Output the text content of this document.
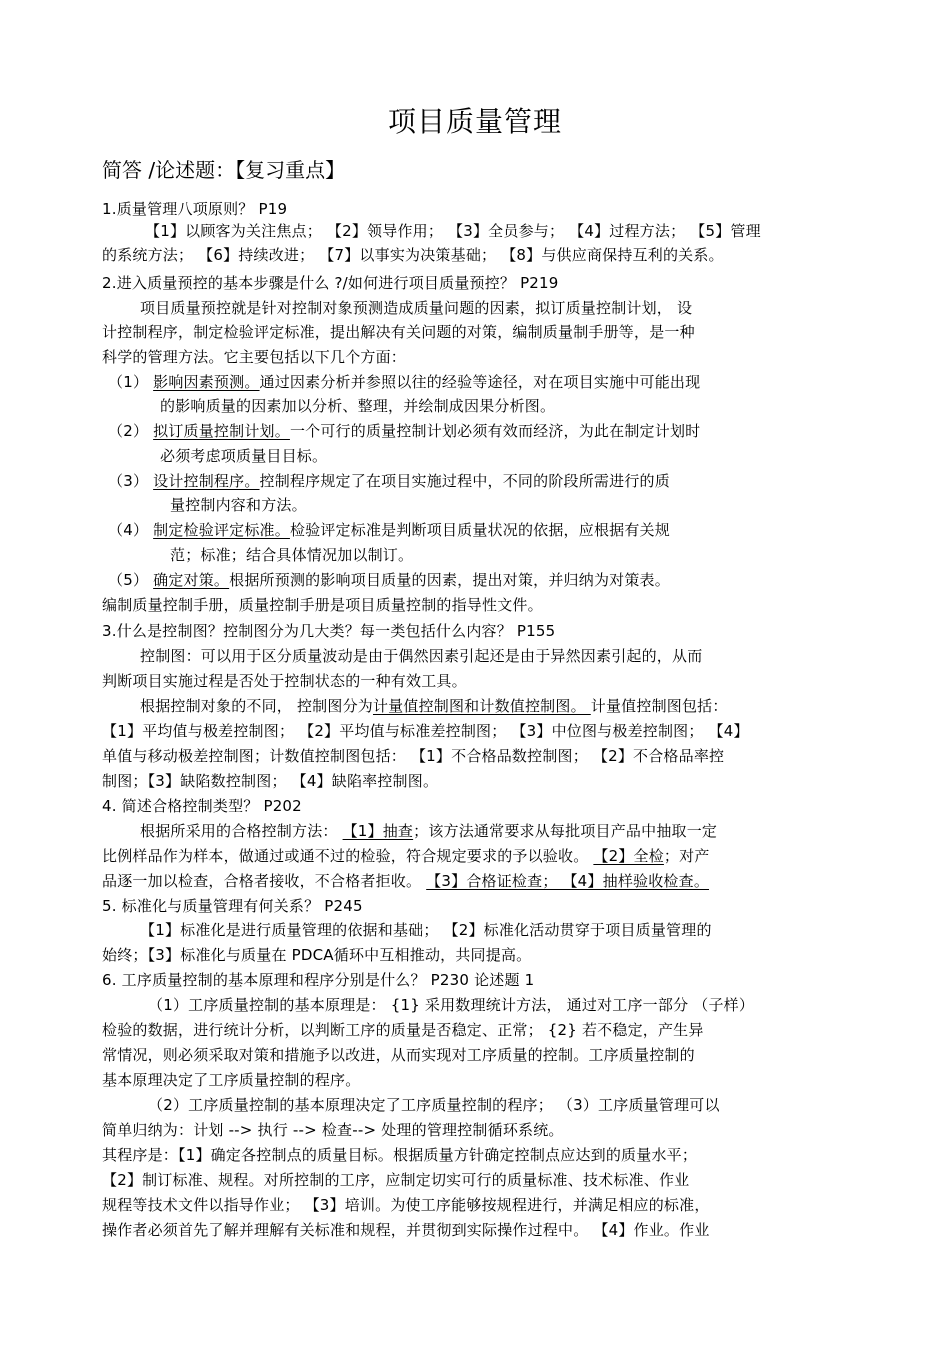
项目质量管理
简答 /论述题：【复习重点】
1.质量管理八项原则？ P19
【1】以顾客为关注焦点； 【2】领导作用； 【3】全员参与； 【4】过程方法； 【5】管理
的系统方法； 【6】持续改进； 【7】以事实为决策基础； 【8】与供应商保持互利的关系。
2.进入质量预控的基本步骤是什么 ?/如何进行项目质量预控？ P219
项目质量预控就是针对控制对象预测造成质量问题的因素，拟订质量控制计划， 设
计控制程序，制定检验评定标准，提出解决有关问题的对策，编制质量制手册等，是一种
科学的管理方法。它主要包括以下几个方面：
（1） 影响因素预测。通过因素分析并参照以往的经验等途径，对在项目实施中可能出现
的影响质量的因素加以分析、整理，并绘制成因果分析图。
（2） 拟订质量控制计划。一个可行的质量控制计划必须有效而经济，为此在制定计划时
必须考虑项质量目目标。
（3） 设计控制程序。控制程序规定了在项目实施过程中，不同的阶段所需进行的质
量控制内容和方法。
（4） 制定检验评定标准。检验评定标准是判断项目质量状况的依据，应根据有关规
范；标准；结合具体情况加以制订。
（5） 确定对策。根据所预测的影响项目质量的因素，提出对策，并归纳为对策表。
编制质量控制手册，质量控制手册是项目质量控制的指导性文件。
3.什么是控制图？控制图分为几大类？每一类包括什么内容？ P155
控制图：可以用于区分质量波动是由于偶然因素引起还是由于异然因素引起的，从而
判断项目实施过程是否处于控制状态的一种有效工具。
根据控制对象的不同， 控制图分为计量值控制图和计数值控制图。 计量值控制图包括：
【1】平均值与极差控制图； 【2】平均值与标准差控制图； 【3】中位图与极差控制图； 【4】
单值与移动极差控制图；计数值控制图包括： 【1】不合格品数控制图； 【2】不合格品率控
制图；【3】缺陷数控制图； 【4】缺陷率控制图。
4. 简述合格控制类型？ P202
根据所采用的合格控制方法： 【1】抽查；该方法通常要求从每批项目产品中抽取一定
比例样品作为样本，做通过或通不过的检验，符合规定要求的予以验收。 【2】全检；对产
品逐一加以检查，合格者接收，不合格者拒收。 【3】合格证检查； 【4】抽样验收检查。
5. 标准化与质量管理有何关系？ P245
【1】标准化是进行质量管理的依据和基础； 【2】标准化活动贯穿于项目质量管理的
始终；【3】标准化与质量在 PDCA循环中互相推动，共同提高。
6. 工序质量控制的基本原理和程序分别是什么？ P230 论述题 1
（1）工序质量控制的基本原理是： {1} 采用数理统计方法， 通过对工序一部分 （子样）
检验的数据，进行统计分析，以判断工序的质量是否稳定、正常； {2} 若不稳定，产生异
常情况，则必须采取对策和措施予以改进，从而实现对工序质量的控制。工序质量控制的
基本原理决定了工序质量控制的程序。
（2）工序质量控制的基本原理决定了工序质量控制的程序； （3）工序质量管理可以
简单归纳为：计划 --> 执行 --> 检查--> 处理的管理控制循环系统。
其程序是：【1】确定各控制点的质量目标。根据质量方针确定控制点应达到的质量水平；
【2】制订标准、规程。对所控制的工序，应制定切实可行的质量标准、技术标准、作业
规程等技术文件以指导作业； 【3】培训。为使工序能够按规程进行，并满足相应的标准，
操作者必须首先了解并理解有关标准和规程，并贯彻到实际操作过程中。 【4】作业。作业
